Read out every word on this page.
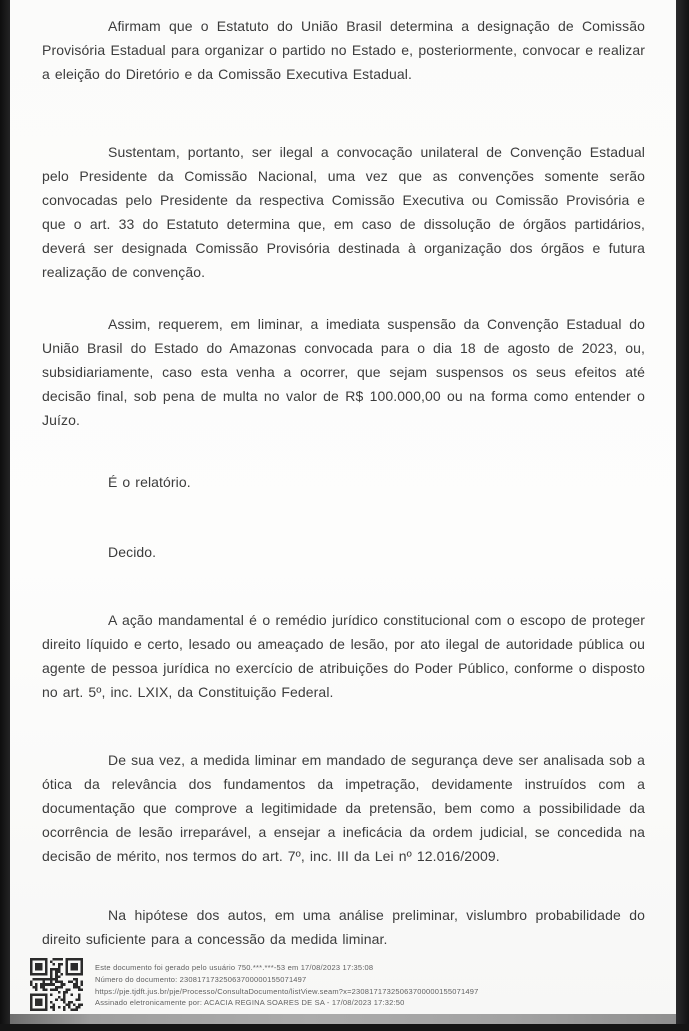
Afirmam que o Estatuto do União Brasil determina a designação de Comissão Provisória Estadual para organizar o partido no Estado e, posteriormente, convocar e realizar a eleição do Diretório e da Comissão Executiva Estadual.

Sustentam, portanto, ser ilegal a convocação unilateral de Convenção Estadual pelo Presidente da Comissão Nacional, uma vez que as convenções somente serão convocadas pelo Presidente da respectiva Comissão Executiva ou Comissão Provisória e que o art. 33 do Estatuto determina que, em caso de dissolução de órgãos partidários, deverá ser designada Comissão Provisória destinada à organização dos órgãos e futura realização de convenção.

Assim, requerem, em liminar, a imediata suspensão da Convenção Estadual do União Brasil do Estado do Amazonas convocada para o dia 18 de agosto de 2023, ou, subsidiariamente, caso esta venha a ocorrer, que sejam suspensos os seus efeitos até decisão final, sob pena de multa no valor de R$ 100.000,00 ou na forma como entender o Juízo.

É o relatório.

Decido.

A ação mandamental é o remédio jurídico constitucional com o escopo de proteger direito líquido e certo, lesado ou ameaçado de lesão, por ato ilegal de autoridade pública ou agente de pessoa jurídica no exercício de atribuições do Poder Público, conforme o disposto no art. 5º, inc. LXIX, da Constituição Federal.

De sua vez, a medida liminar em mandado de segurança deve ser analisada sob a ótica da relevância dos fundamentos da impetração, devidamente instruídos com a documentação que comprove a legitimidade da pretensão, bem como a possibilidade da ocorrência de lesão irreparável, a ensejar a ineficácia da ordem judicial, se concedida na decisão de mérito, nos termos do art. 7º, inc. III da Lei nº 12.016/2009.

Na hipótese dos autos, em uma análise preliminar, vislumbro probabilidade do direito suficiente para a concessão da medida liminar.

Este documento foi gerado pelo usuário 750.***.***-53 em 17/08/2023 17:35:08
Número do documento: 23081717325063700000155071497
https://pje.tjdft.jus.br/pje/Processo/ConsultaDocumento/listView.seam?x=23081717325063700000155071497
Assinado eletronicamente por: ACACIA REGINA SOARES DE SA - 17/08/2023 17:32:50
